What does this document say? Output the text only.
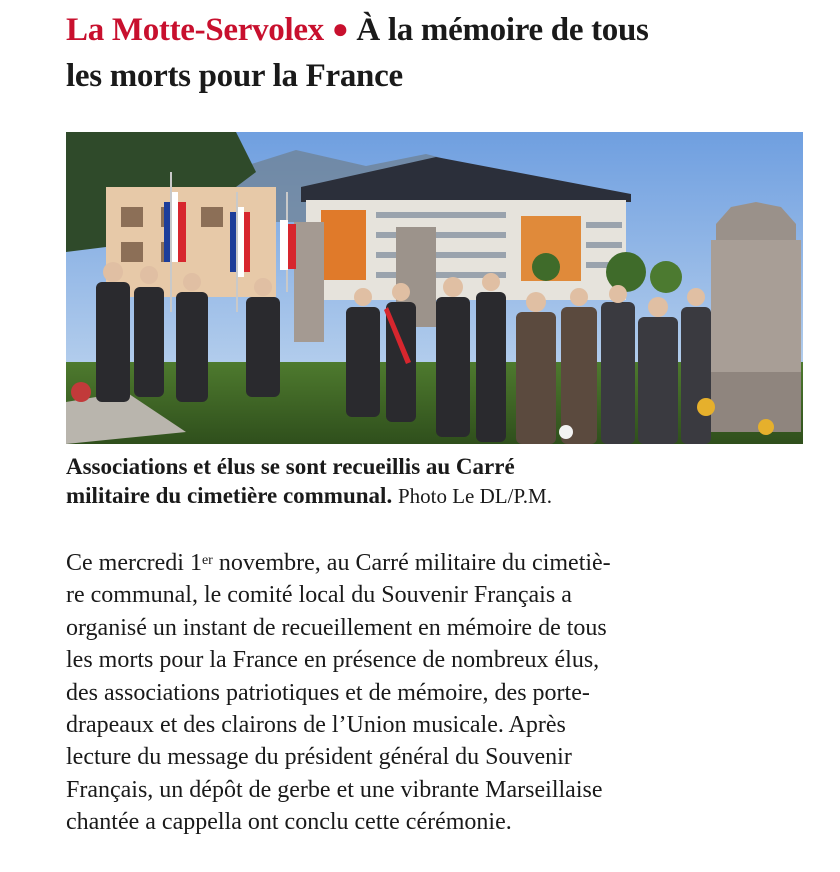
La Motte-Servolex ● À la mémoire de tous
les morts pour la France
Associations et élus se sont recueillis au Carré
militaire du cimetière communal. Photo Le DL/P.M.
Ce mercredi 1er novembre, au Carré militaire du cimetiè-
re communal, le comité local du Souvenir Français a
organisé un instant de recueillement en mémoire de tous
les morts pour la France en présence de nombreux élus,
des associations patriotiques et de mémoire, des porte-
drapeaux et des clairons de l’Union musicale. Après
lecture du message du président général du Souvenir
Français, un dépôt de gerbe et une vibrante Marseillaise
chantée a cappella ont conclu cette cérémonie.
